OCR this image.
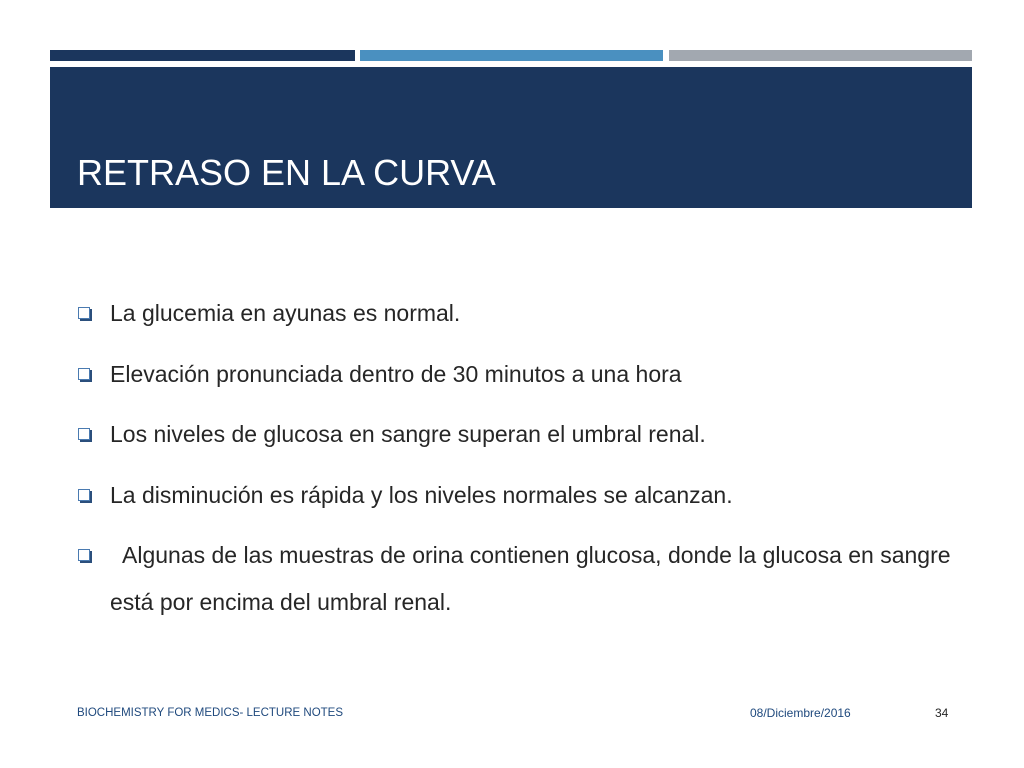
RETRASO EN LA CURVA
La glucemia en ayunas es normal.
Elevación pronunciada dentro de 30 minutos a una hora
Los niveles de glucosa en sangre superan el umbral renal.
La disminución es rápida y los niveles normales se alcanzan.
Algunas de las muestras de orina contienen glucosa, donde la glucosa en sangre está por encima del umbral renal.
BIOCHEMISTRY FOR MEDICS- LECTURE NOTES	08/Diciembre/2016	34
